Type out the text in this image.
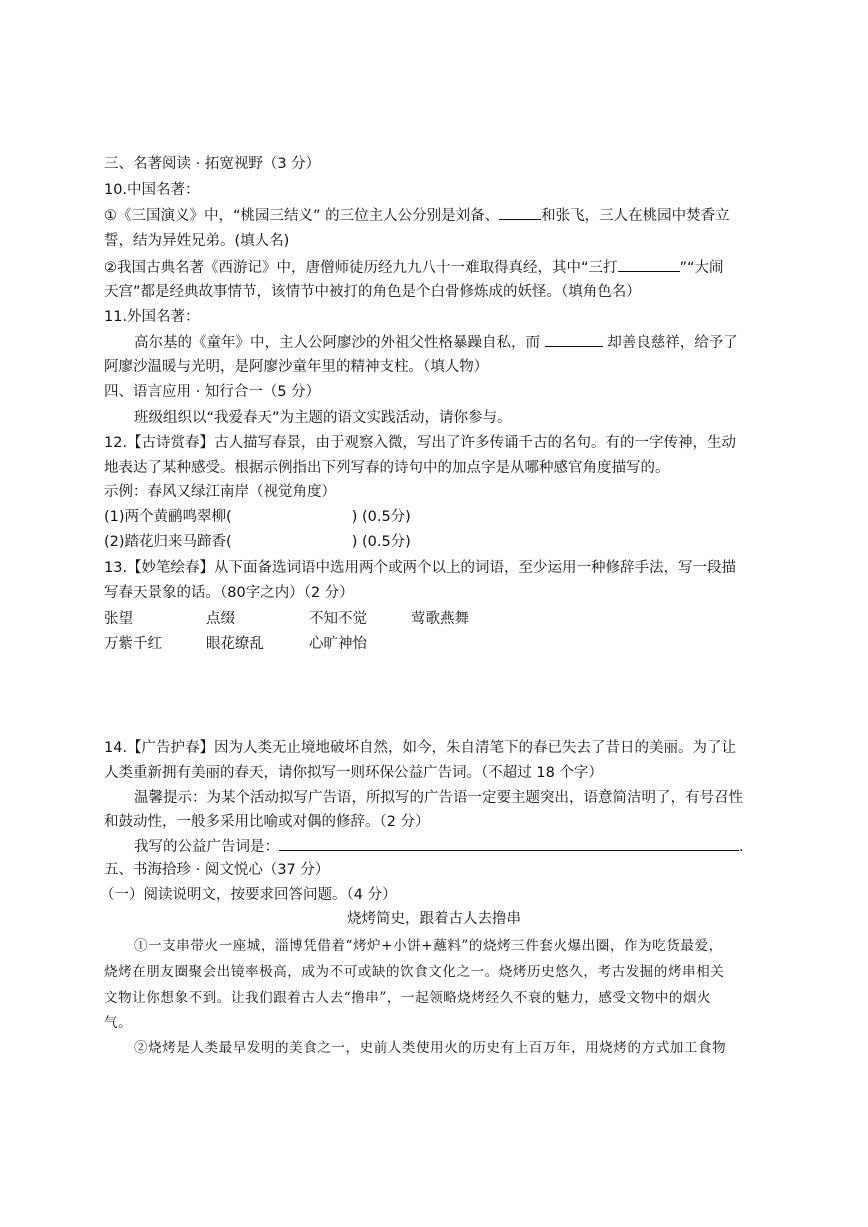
三、名著阅读 · 拓宽视野（3 分）
10.中国名著：
①《三国演义》中，“桃园三结义” 的三位主人公分别是刘备、	和张飞，三人在桃园中焚香立
誓，结为异姓兄弟。(填人名)
②我国古典名著《西游记》中，唐僧师徒历经九九八十一难取得真经，其中“三打	”“大闹
天宫”都是经典故事情节，该情节中被打的角色是个白骨修炼成的妖怪。（填角色名）
11.外国名著：
高尔基的《童年》中，主人公阿廖沙的外祖父性格暴躁自私，而	却善良慈祥，给予了
阿廖沙温暖与光明，是阿廖沙童年里的精神支柱。（填人物）
四、语言应用 · 知行合一（5 分）
班级组织以“我爱春天”为主题的语文实践活动，请你参与。
12.【古诗赏春】古人描写春景，由于观察入微，写出了许多传诵千古的名句。有的一字传神，生动
地表达了某种感受。根据示例指出下列写春的诗句中的加点字是从哪种感官角度描写的。
示例：春风又绿江南岸（视觉角度）
(1)两个黄鹂鸣翠柳(	) (0.5分)
(2)踏花归来马蹄香(	) (0.5分)
13.【妙笔绘春】从下面备选词语中选用两个或两个以上的词语，至少运用一种修辞手法，写一段描
写春天景象的话。（80字之内）（2 分）
张望	点缀	不知不觉	莺歌燕舞
万紫千红	眼花缭乱	心旷神怡
14.【广告护春】因为人类无止境地破坏自然，如今，朱自清笔下的春已失去了昔日的美丽。为了让
人类重新拥有美丽的春天，请你拟写一则环保公益广告词。（不超过 18 个字）
温馨提示：为某个活动拟写广告语，所拟写的广告语一定要主题突出，语意简洁明了，有号召性
和鼓动性，一般多采用比喻或对偶的修辞。（2 分）
我写的公益广告词是：	.
五、书海拾珍 · 阅文悦心（37 分）
（一）阅读说明文，按要求回答问题。（4 分）
烧烤简史，跟着古人去撸串
①一支串带火一座城，淄博凭借着“烤炉+小饼+蘸料”的烧烤三件套火爆出圈，作为吃货最爱，
烧烤在朋友圈聚会出镜率极高，成为不可或缺的饮食文化之一。烧烤历史悠久，考古发掘的烤串相关
文物让你想象不到。让我们跟着古人去“撸串”，一起领略烧烤经久不衰的魅力，感受文物中的烟火
气。
②烧烤是人类最早发明的美食之一，史前人类使用火的历史有上百万年，用烧烤的方式加工食物
